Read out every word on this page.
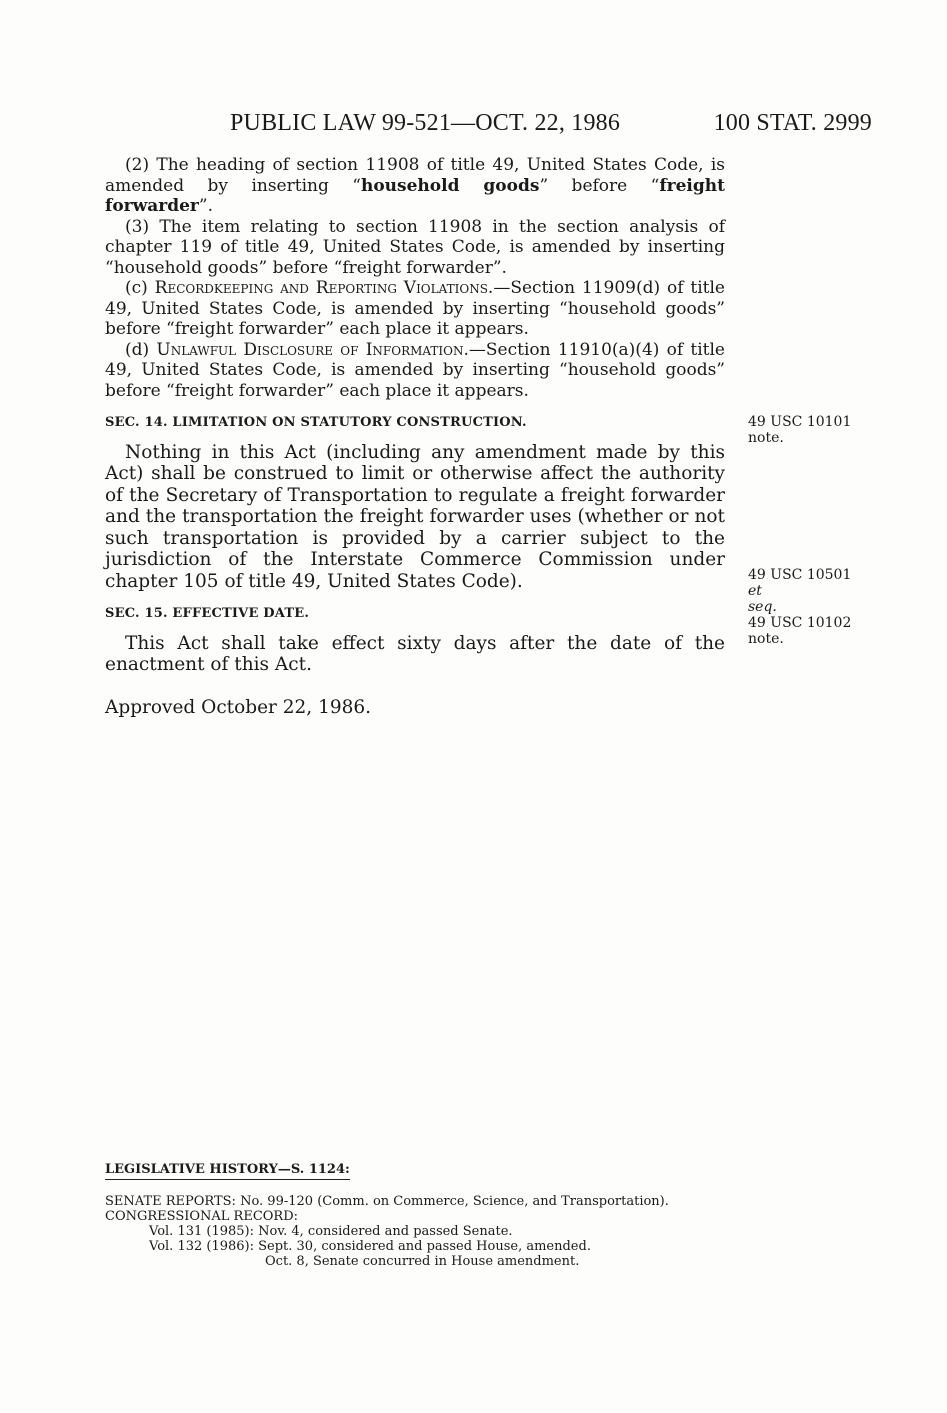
PUBLIC LAW 99-521—OCT. 22, 1986	100 STAT. 2999

(2) The heading of section 11908 of title 49, United States Code, is amended by inserting “household goods” before “freight forwarder”.

(3) The item relating to section 11908 in the section analysis of chapter 119 of title 49, United States Code, is amended by inserting “household goods” before “freight forwarder”.

(c) Recordkeeping and Reporting Violations.—Section 11909(d) of title 49, United States Code, is amended by inserting “household goods” before “freight forwarder” each place it appears.

(d) Unlawful Disclosure of Information.—Section 11910(a)(4) of title 49, United States Code, is amended by inserting “household goods” before “freight forwarder” each place it appears.

SEC. 14. LIMITATION ON STATUTORY CONSTRUCTION.

Nothing in this Act (including any amendment made by this Act) shall be construed to limit or otherwise affect the authority of the Secretary of Transportation to regulate a freight forwarder and the transportation the freight forwarder uses (whether or not such transportation is provided by a carrier subject to the jurisdiction of the Interstate Commerce Commission under chapter 105 of title 49, United States Code).

SEC. 15. EFFECTIVE DATE.

This Act shall take effect sixty days after the date of the enactment of this Act.

Approved October 22, 1986.

49 USC 10101
note.
49 USC 10501 et
seq.
49 USC 10102
note.
LEGISLATIVE HISTORY—S. 1124:
SENATE REPORTS: No. 99-120 (Comm. on Commerce, Science, and Transportation).
CONGRESSIONAL RECORD:
Vol. 131 (1985): Nov. 4, considered and passed Senate.
Vol. 132 (1986): Sept. 30, considered and passed House, amended.
Oct. 8, Senate concurred in House amendment.
